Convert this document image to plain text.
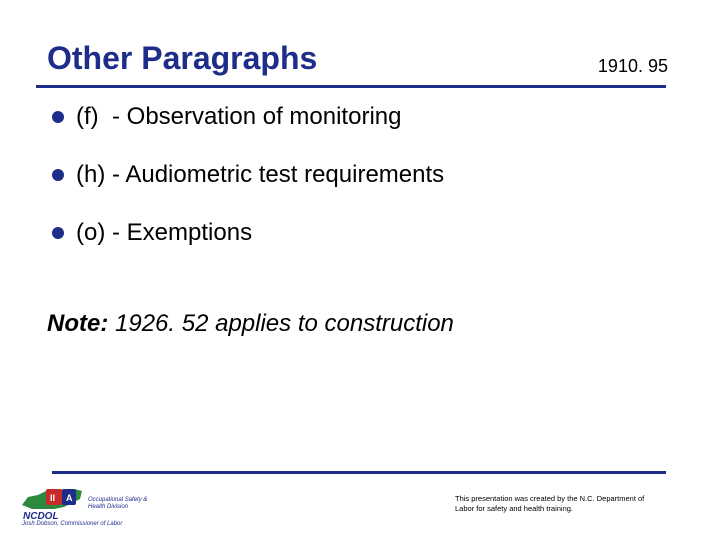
Other Paragraphs	1910. 95
(f) - Observation of monitoring
(h) - Audiometric test requirements
(o) - Exemptions
Note: 1926. 52 applies to construction
II A
NCDOL
Occupational Safety & Health Division
Josh Dobson, Commissioner of Labor
This presentation was created by the N.C. Department of Labor for safety and health training.
